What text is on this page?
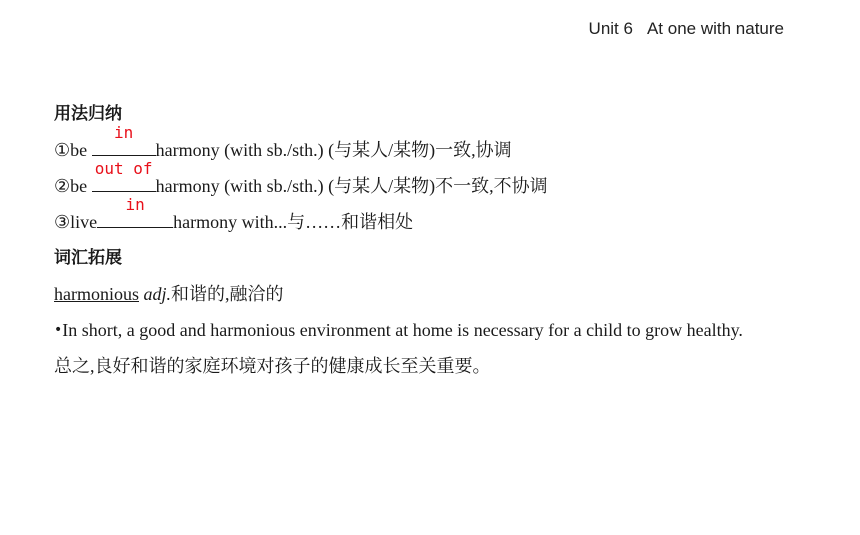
Unit 6 At one with nature
用法归纳
①be
in
harmony (with sb./sth.) (与某人/某物)一致,协调
②be
out of
harmony (with sb./sth.) (与某人/某物)不一致,不协调
③live
in
harmony with...与……和谐相处
词汇拓展
harmonious adj.和谐的,融洽的
•In short, a good and harmonious environment at home is necessary for a child to grow healthy.
总之,良好和谐的家庭环境对孩子的健康成长至关重要。
